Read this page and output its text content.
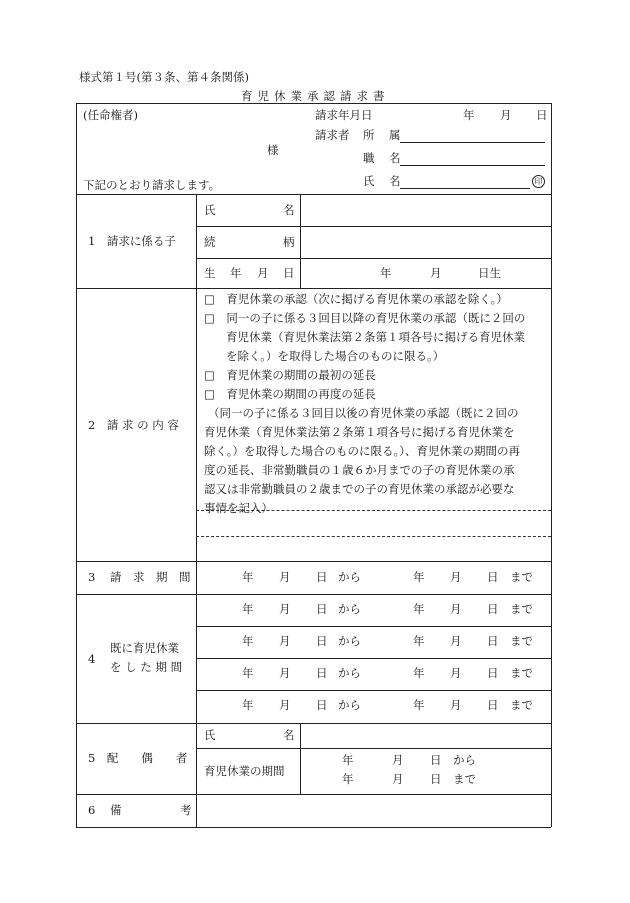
様式第１号(第３条、第４条関係)
育児休業承認請求書
(任命権者)
様
下記のとおり請求します。
請求年月日	年 月 日
請求者 所 属
職 名
氏 名	印
1　請求に係る子
氏	名
続	柄
生 年 月 日	年	月	日生
2　請 求 の 内 容
□　育児休業の承認（次に掲げる育児休業の承認を除く。）
□　同一の子に係る３回目以降の育児休業の承認（既に２回の
育児休業（育児休業法第２条第１項各号に掲げる育児休業
を除く。）を取得した場合のものに限る。）
□　育児休業の期間の最初の延長
□　育児休業の期間の再度の延長
（同一の子に係る３回目以後の育児休業の承認（既に２回の
育児休業（育児休業法第２条第１項各号に掲げる育児休業を
除く。）を取得した場合のものに限る。）、育児休業の期間の再
度の延長、非常勤職員の１歳６か月までの子の育児休業の承
認又は非常勤職員の２歳までの子の育児休業の承認が必要な
事情を記入）
3 請　求　期　間	年 月 日 から	年 月 日 まで
4
既に育児休業
を し た 期 間
年 月 日 から	年 月 日 まで
年 月 日 から	年 月 日 まで
年 月 日 から	年 月 日 まで
年 月 日 から	年 月 日 まで
5　配　　偶　　者
氏	名
育児休業の期間
年	月 日 から
年	月 日 まで
6 備	考
